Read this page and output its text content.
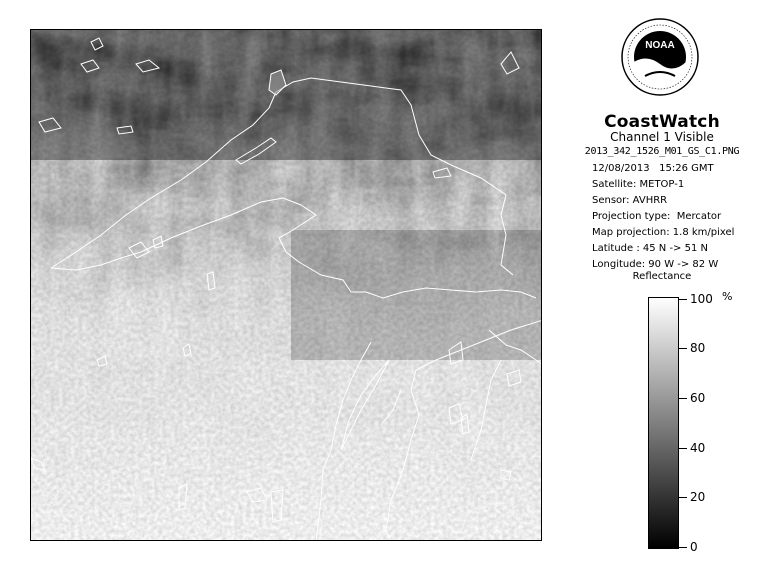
NOAA
CoastWatch
Channel 1 Visible
2013_342_1526_M01_GS_C1.PNG
12/08/2013   15:26 GMT
Satellite: METOP-1
Sensor: AVHRR
Projection type:  Mercator
Map projection: 1.8 km/pixel
Latitude : 45 N -> 51 N
Longitude: 90 W -> 82 W
Reflectance
%
100
80
60
40
20
0
